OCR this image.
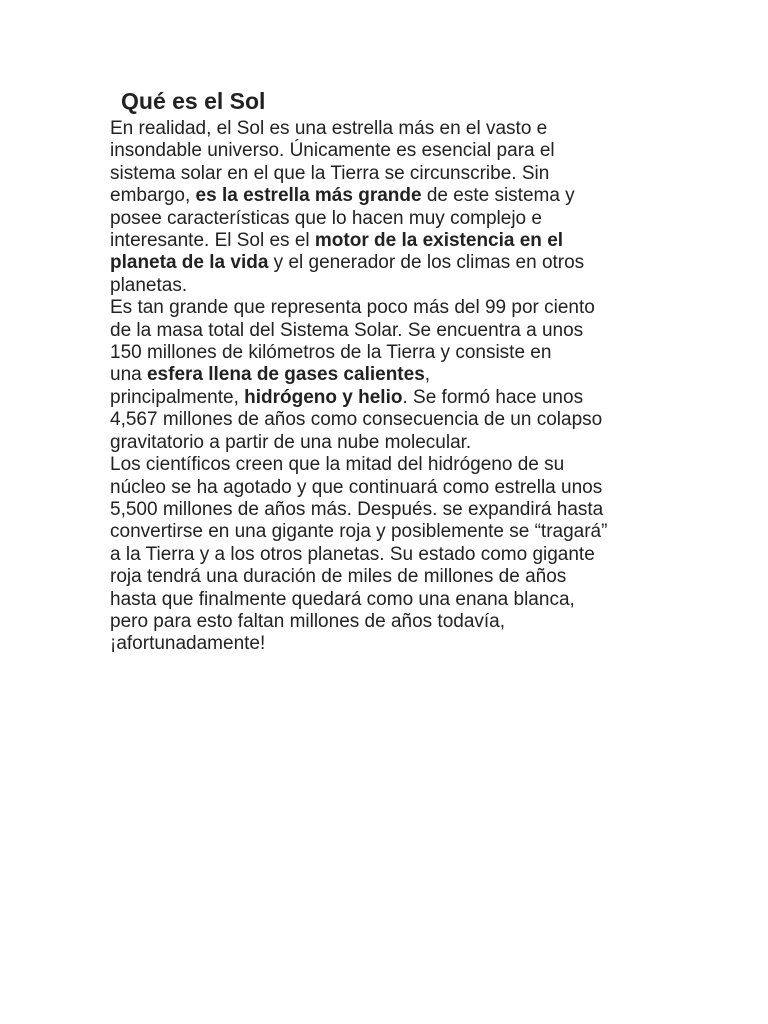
Qué es el Sol

En realidad, el Sol es una estrella más en el vasto e
insondable universo. Únicamente es esencial para el
sistema solar en el que la Tierra se circunscribe. Sin
embargo, es la estrella más grande de este sistema y
posee características que lo hacen muy complejo e
interesante. El Sol es el motor de la existencia en el
planeta de la vida y el generador de los climas en otros
planetas.

Es tan grande que representa poco más del 99 por ciento
de la masa total del Sistema Solar. Se encuentra a unos
150 millones de kilómetros de la Tierra y consiste en
una esfera llena de gases calientes,
principalmente, hidrógeno y helio. Se formó hace unos
4,567 millones de años como consecuencia de un colapso
gravitatorio a partir de una nube molecular.

Los científicos creen que la mitad del hidrógeno de su
núcleo se ha agotado y que continuará como estrella unos
5,500 millones de años más. Después. se expandirá hasta
convertirse en una gigante roja y posiblemente se “tragará”
a la Tierra y a los otros planetas. Su estado como gigante
roja tendrá una duración de miles de millones de años
hasta que finalmente quedará como una enana blanca,
pero para esto faltan millones de años todavía,
¡afortunadamente!
